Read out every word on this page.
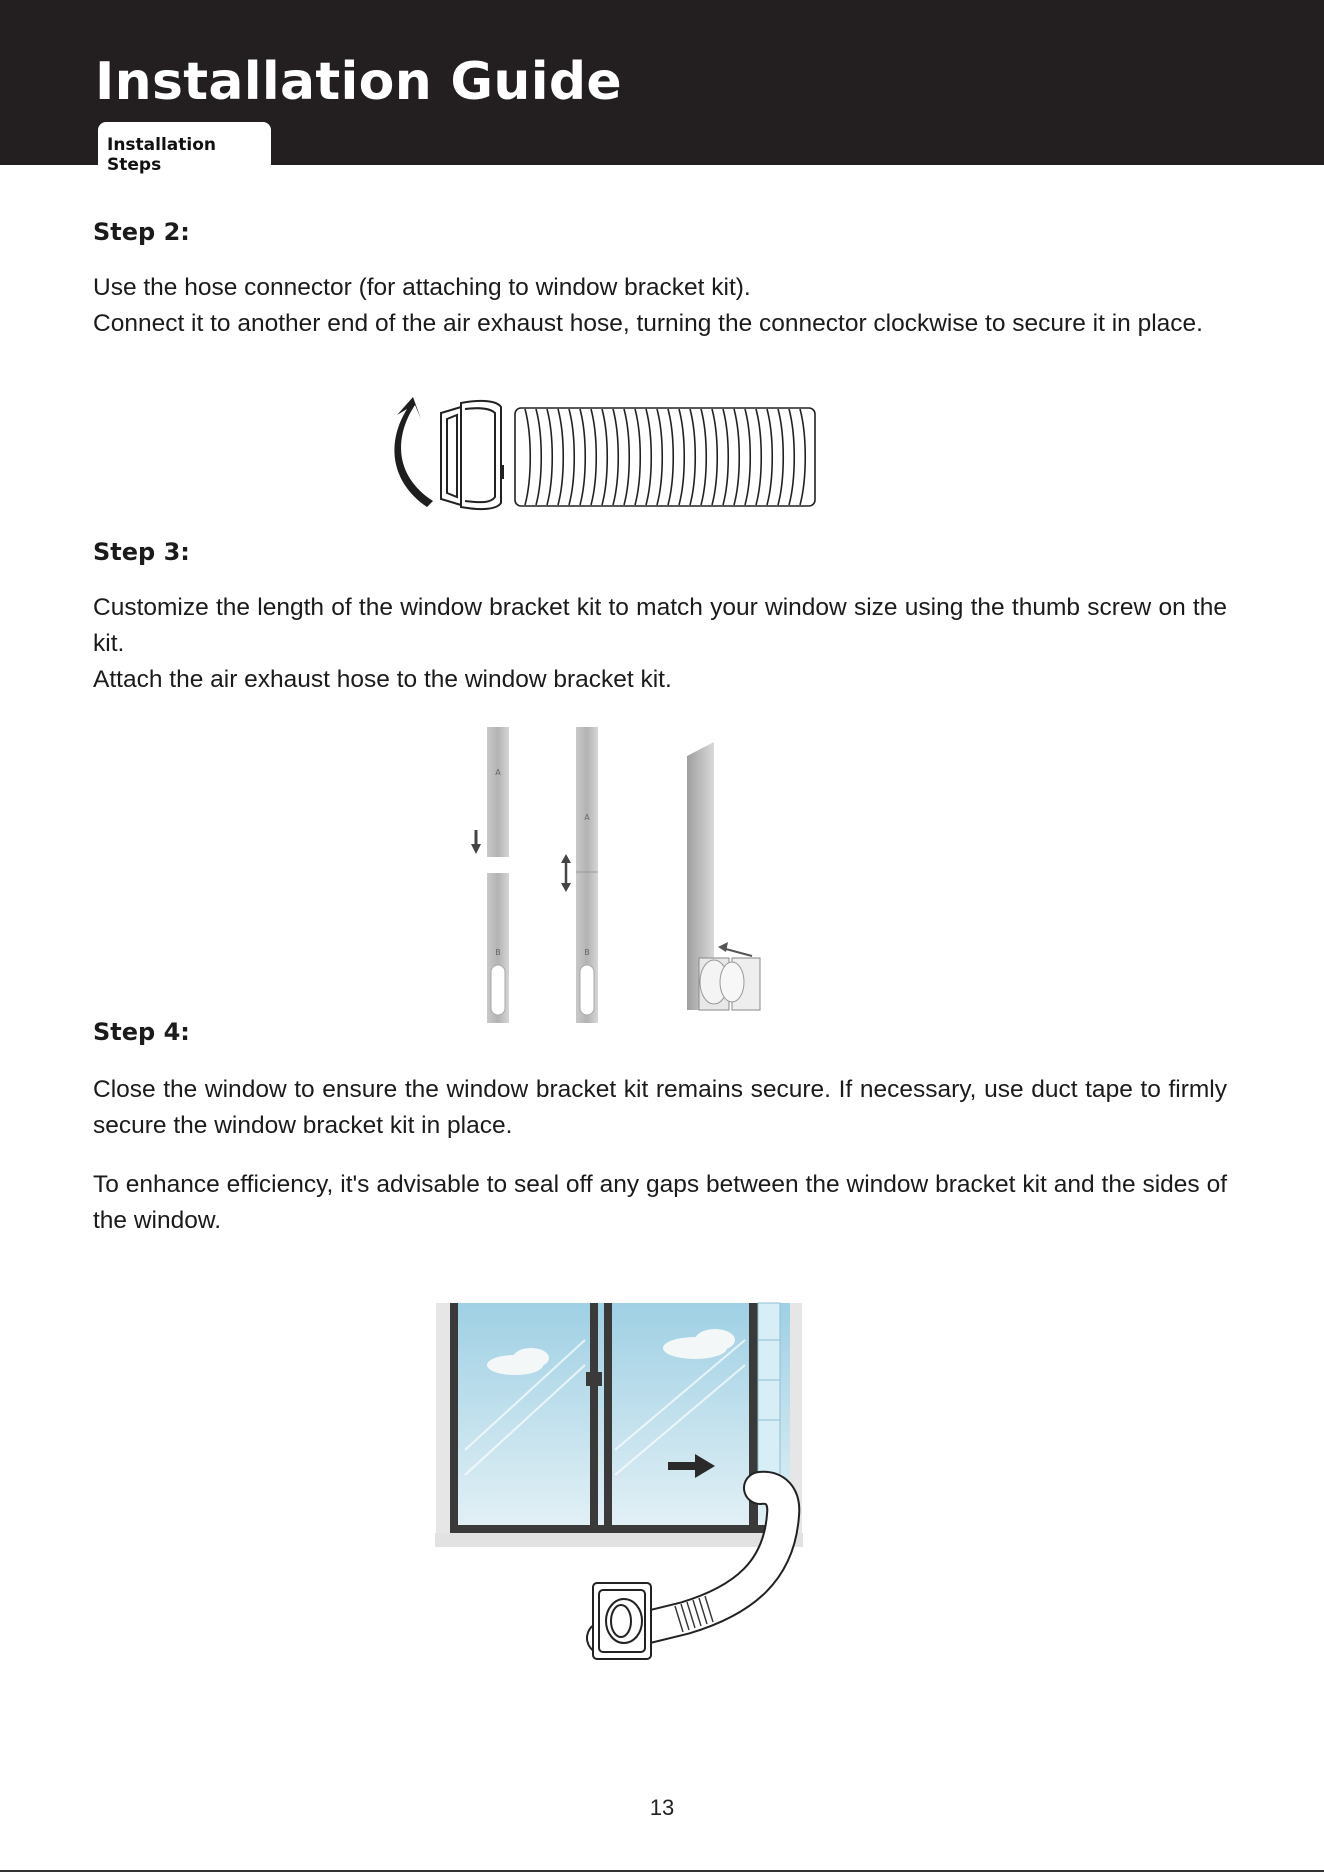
Installation Guide
Installation Steps
Step 2:

Use the hose connector (for attaching to window bracket kit).
Connect it to another end of the air exhaust hose, turning the connector clockwise to secure it in place.

Step 3:

Customize the length of the window bracket kit to match your window size using the thumb screw on the kit.
Attach the air exhaust hose to the window bracket kit.

A
B
A
B
Step 4:

Close the window to ensure the window bracket kit remains secure. If necessary, use duct tape to firmly secure the window bracket kit in place.

To enhance efficiency, it's advisable to seal off any gaps between the window bracket kit and the sides of the window.

13
